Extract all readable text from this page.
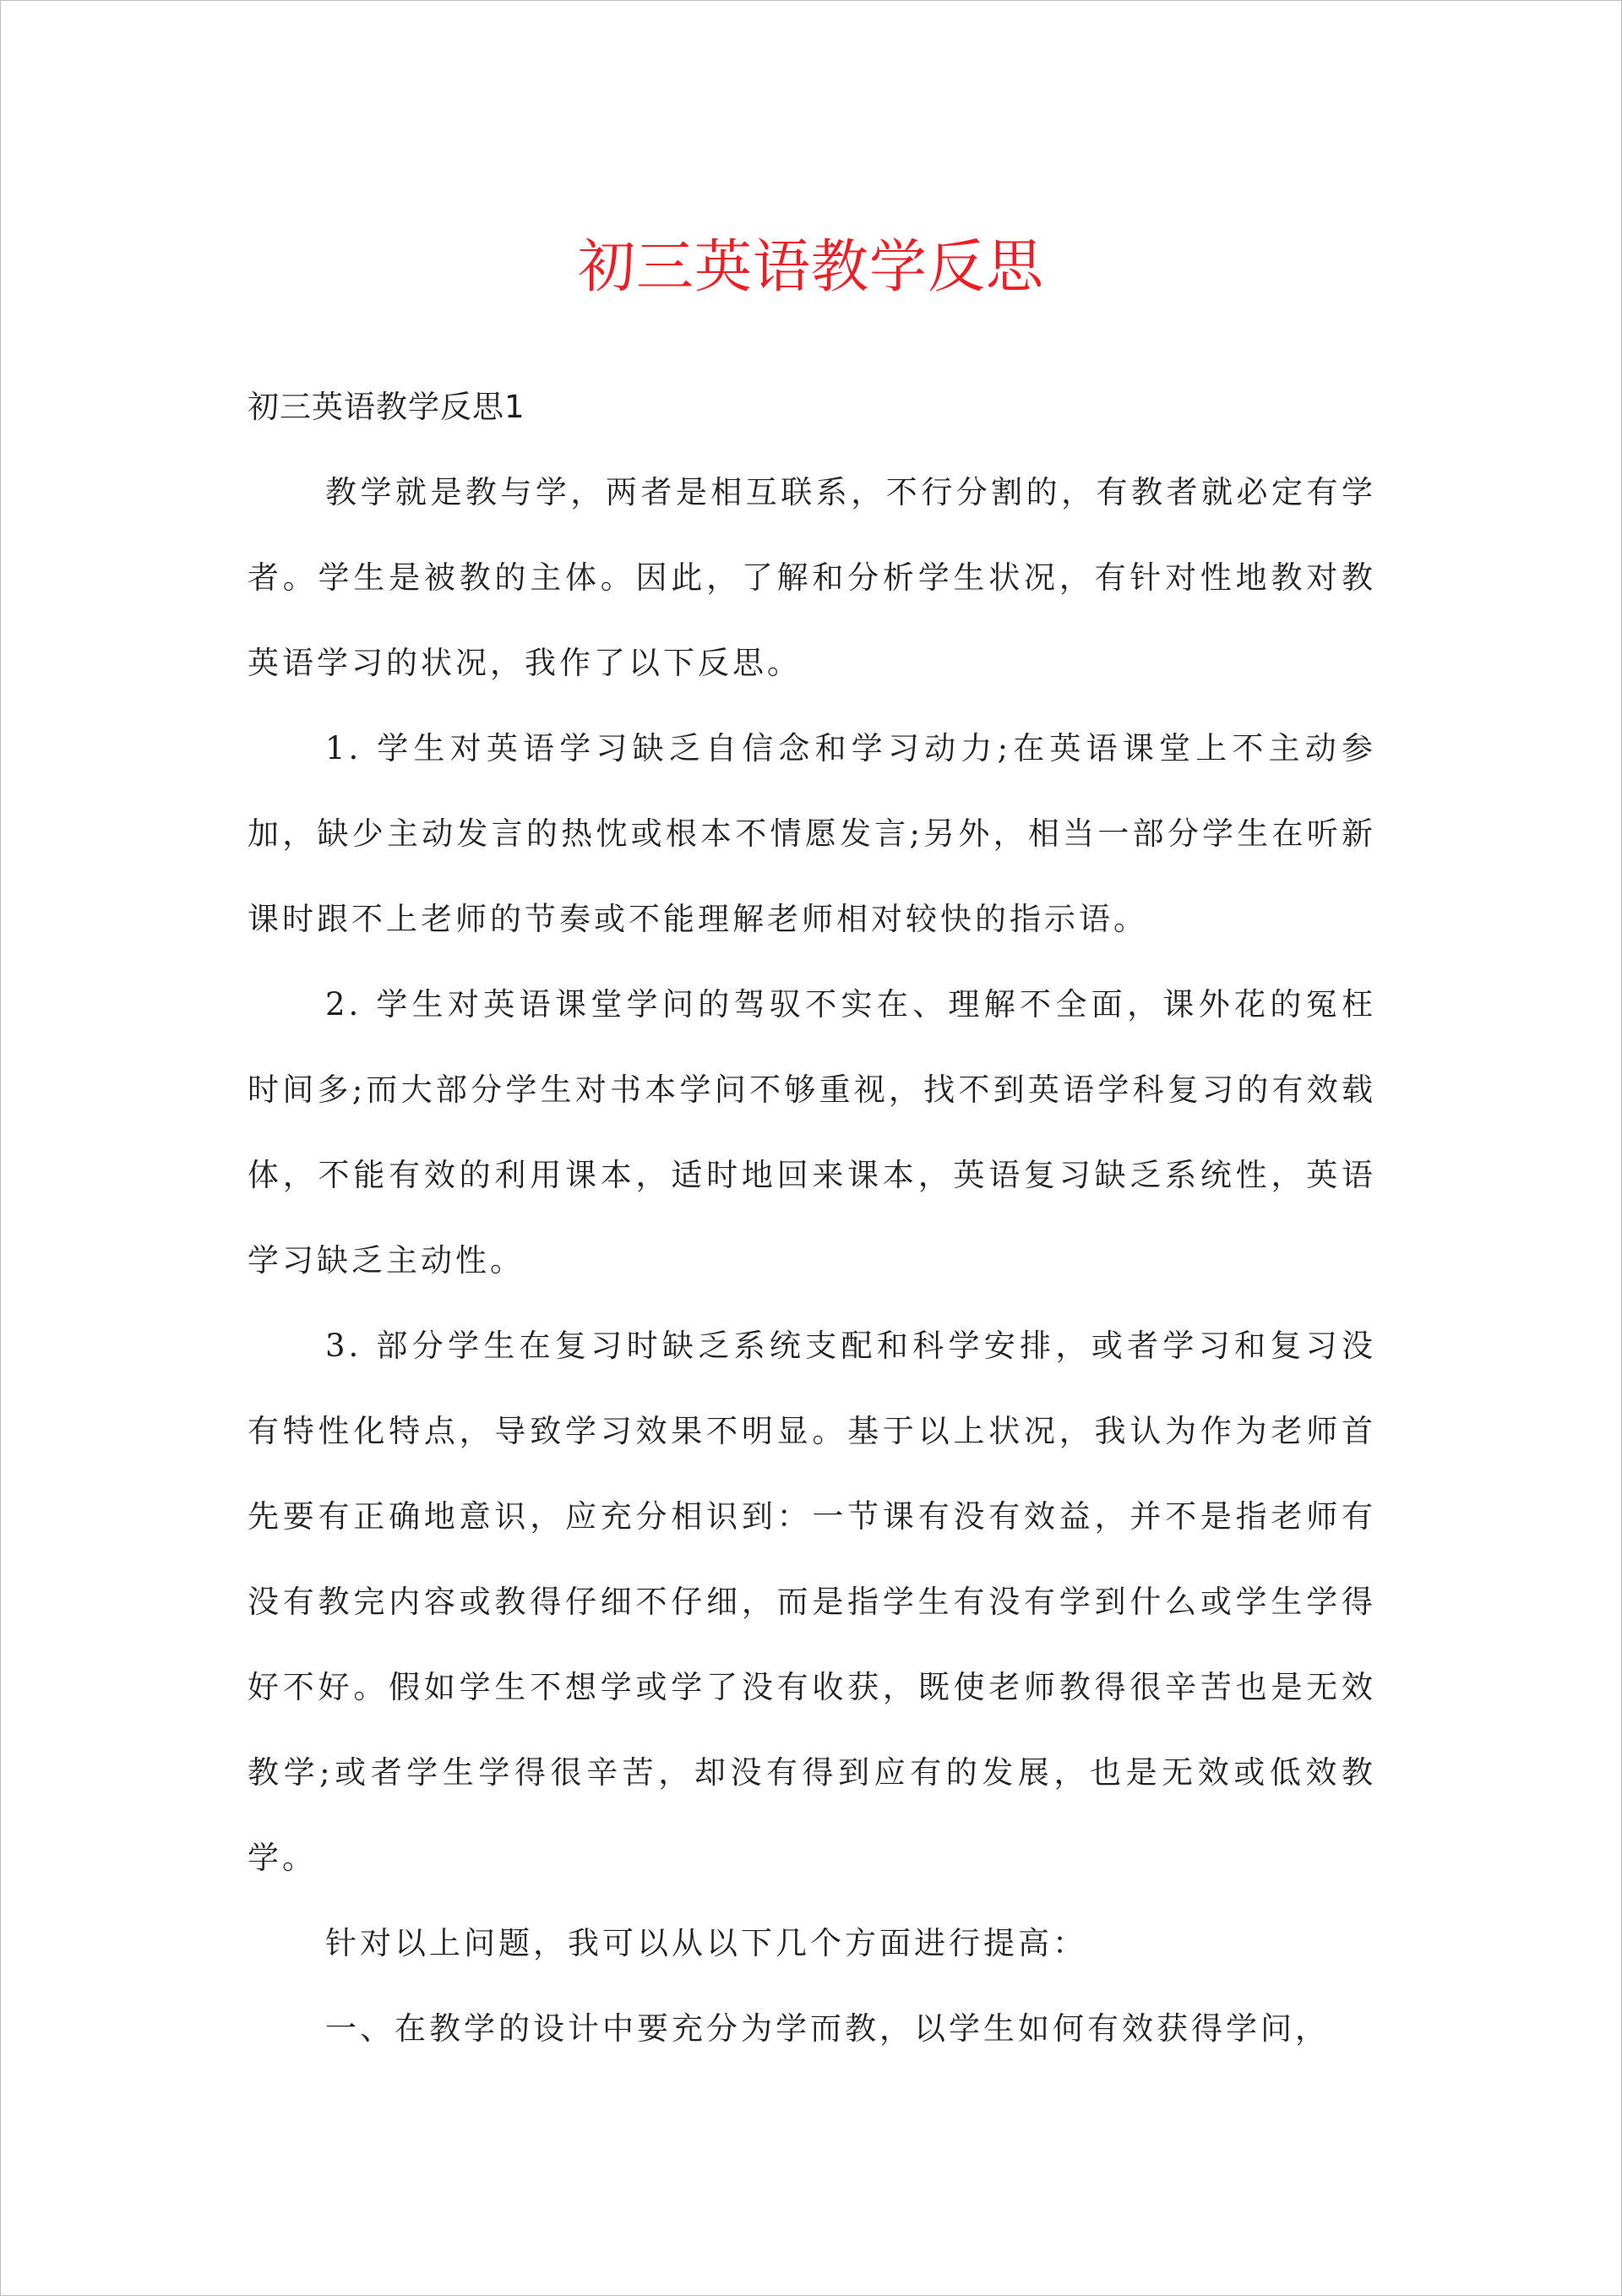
初三英语教学反思

初三英语教学反思1

教学就是教与学，两者是相互联系，不行分割的，有教者就必定有学者。学生是被教的主体。因此，了解和分析学生状况，有针对性地教对教英语学习的状况，我作了以下反思。

1. 学生对英语学习缺乏自信念和学习动力;在英语课堂上不主动参加，缺少主动发言的热忱或根本不情愿发言;另外，相当一部分学生在听新课时跟不上老师的节奏或不能理解老师相对较快的指示语。

2. 学生对英语课堂学问的驾驭不实在、理解不全面，课外花的冤枉时间多;而大部分学生对书本学问不够重视，找不到英语学科复习的有效载体，不能有效的利用课本，适时地回来课本，英语复习缺乏系统性，英语学习缺乏主动性。

3. 部分学生在复习时缺乏系统支配和科学安排，或者学习和复习没有特性化特点，导致学习效果不明显。基于以上状况，我认为作为老师首先要有正确地意识，应充分相识到：一节课有没有效益，并不是指老师有没有教完内容或教得仔细不仔细，而是指学生有没有学到什么或学生学得好不好。假如学生不想学或学了没有收获，既使老师教得很辛苦也是无效教学;或者学生学得很辛苦，却没有得到应有的发展，也是无效或低效教学。

针对以上问题，我可以从以下几个方面进行提高：

一、在教学的设计中要充分为学而教，以学生如何有效获得学问，
